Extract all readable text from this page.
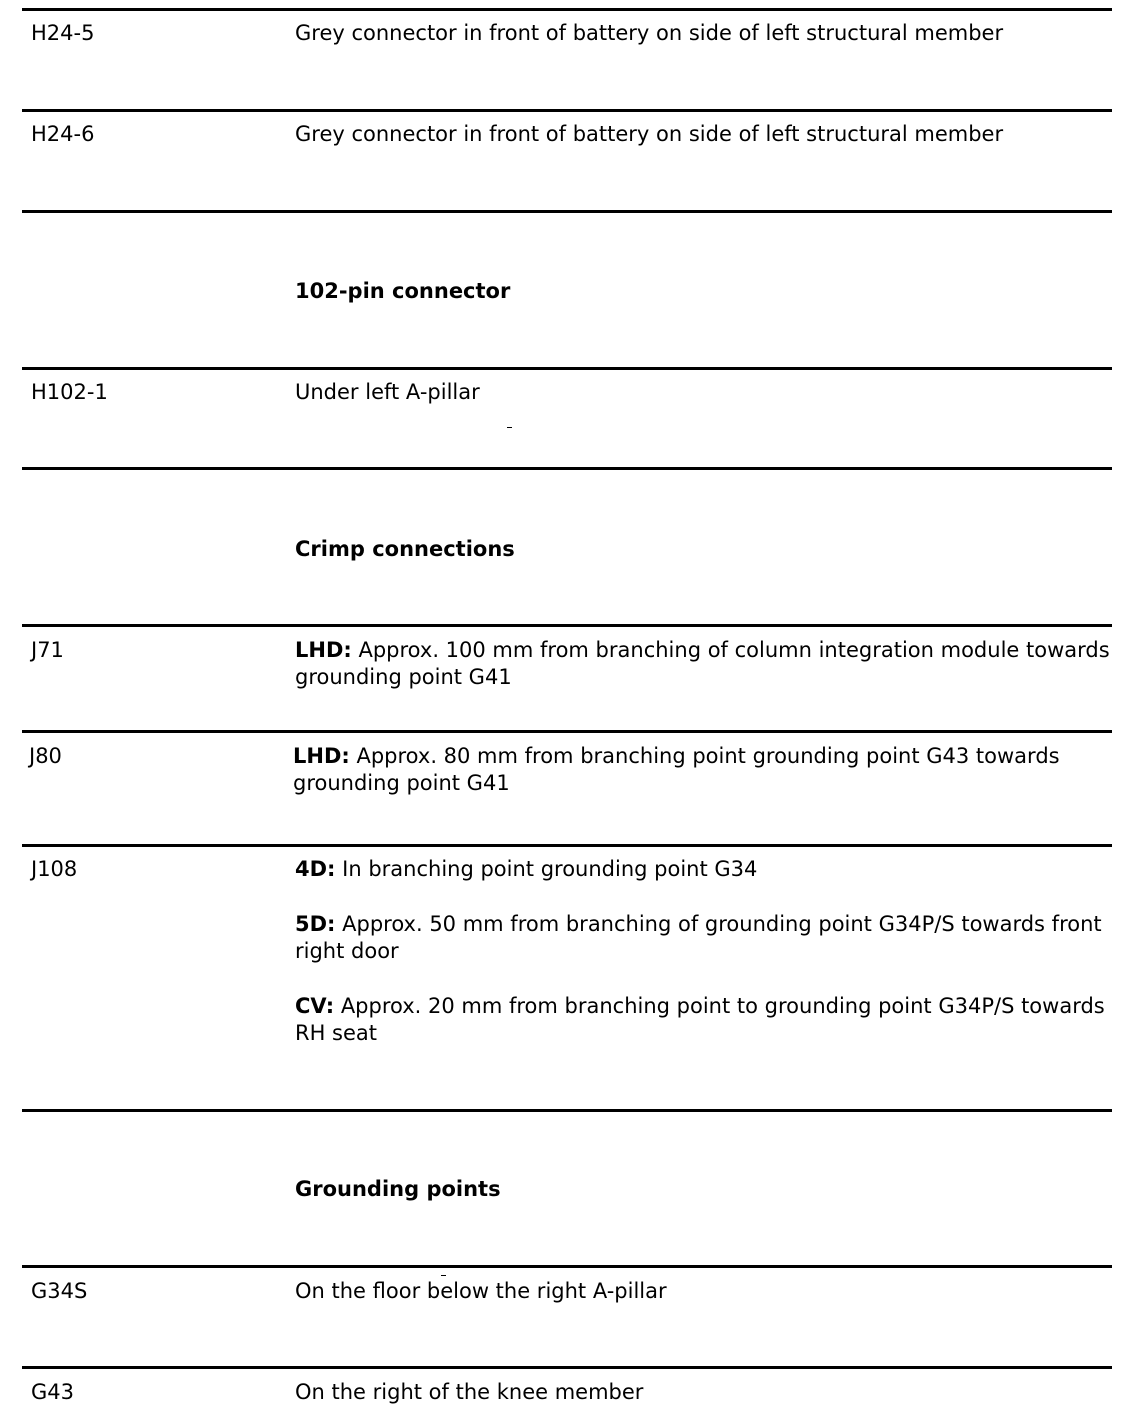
H24-5	Grey connector in front of battery on side of left structural member
H24-6	Grey connector in front of battery on side of left structural member
102-pin connector
H102-1	Under left A-pillar
Crimp connections
J71	LHD: Approx. 100 mm from branching of column integration module towards grounding point G41
J80	LHD: Approx. 80 mm from branching point grounding point G43 towards grounding point G41
J108	4D: In branching point grounding point G34
5D: Approx. 50 mm from branching of grounding point G34P/S towards front right door
CV: Approx. 20 mm from branching point to grounding point G34P/S towards RH seat
Grounding points
G34S	On the floor below the right A-pillar
G43	On the right of the knee member
